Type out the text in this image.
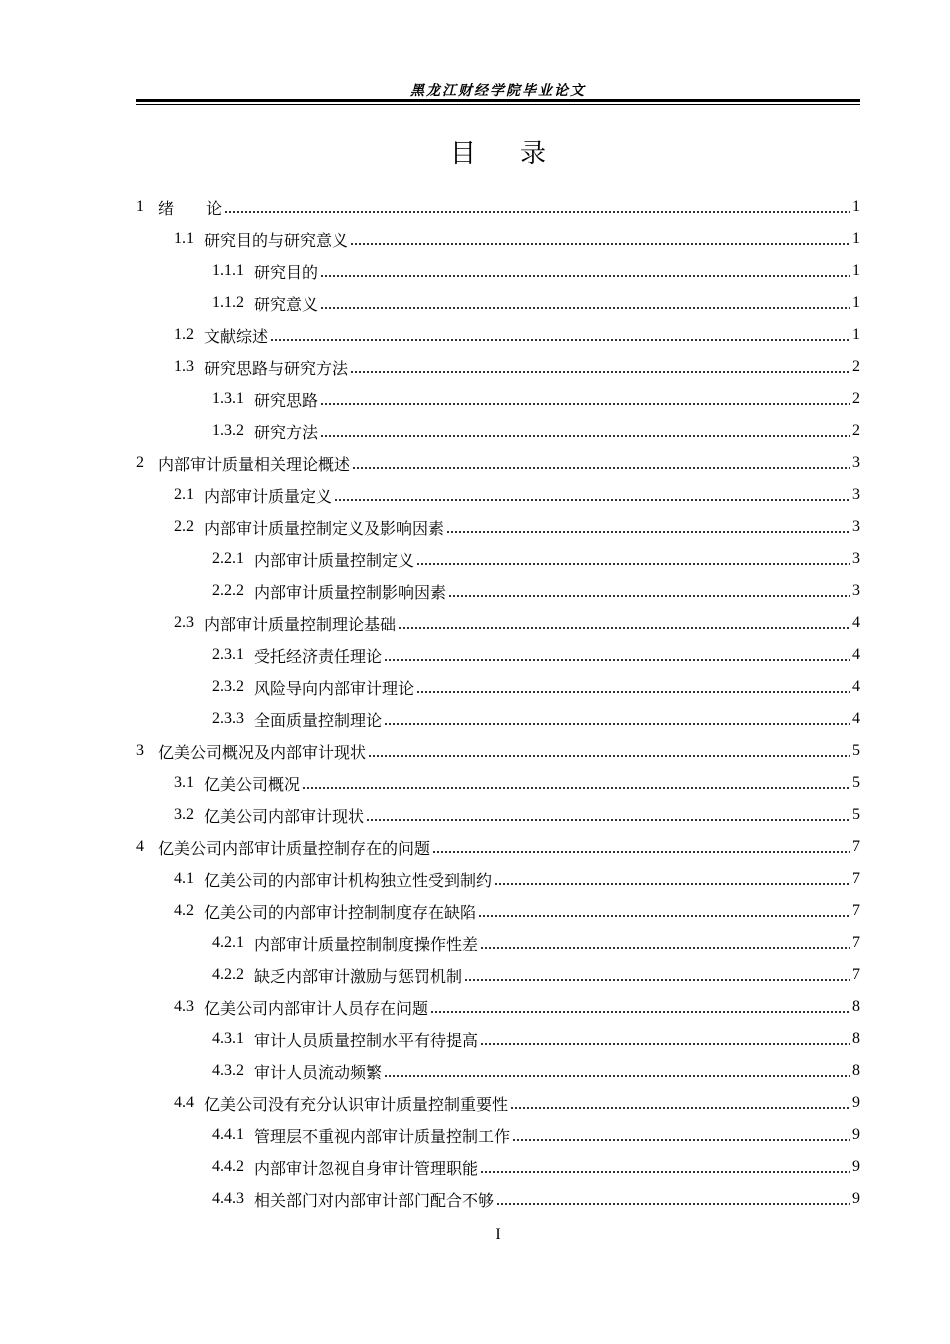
黑龙江财经学院毕业论文
目 录
1 绪　　论	1
1.1 研究目的与研究意义	1
1.1.1 研究目的	1
1.1.2 研究意义	1
1.2 文献综述	1
1.3 研究思路与研究方法	2
1.3.1 研究思路	2
1.3.2 研究方法	2
2 内部审计质量相关理论概述	3
2.1 内部审计质量定义	3
2.2 内部审计质量控制定义及影响因素	3
2.2.1 内部审计质量控制定义	3
2.2.2 内部审计质量控制影响因素	3
2.3 内部审计质量控制理论基础	4
2.3.1 受托经济责任理论	4
2.3.2 风险导向内部审计理论	4
2.3.3 全面质量控制理论	4
3 亿美公司概况及内部审计现状	5
3.1 亿美公司概况	5
3.2 亿美公司内部审计现状	5
4 亿美公司内部审计质量控制存在的问题	7
4.1 亿美公司的内部审计机构独立性受到制约	7
4.2 亿美公司的内部审计控制制度存在缺陷	7
4.2.1 内部审计质量控制制度操作性差	7
4.2.2 缺乏内部审计激励与惩罚机制	7
4.3 亿美公司内部审计人员存在问题	8
4.3.1 审计人员质量控制水平有待提高	8
4.3.2 审计人员流动频繁	8
4.4 亿美公司没有充分认识审计质量控制重要性	9
4.4.1 管理层不重视内部审计质量控制工作	9
4.4.2 内部审计忽视自身审计管理职能	9
4.4.3 相关部门对内部审计部门配合不够	9
I
